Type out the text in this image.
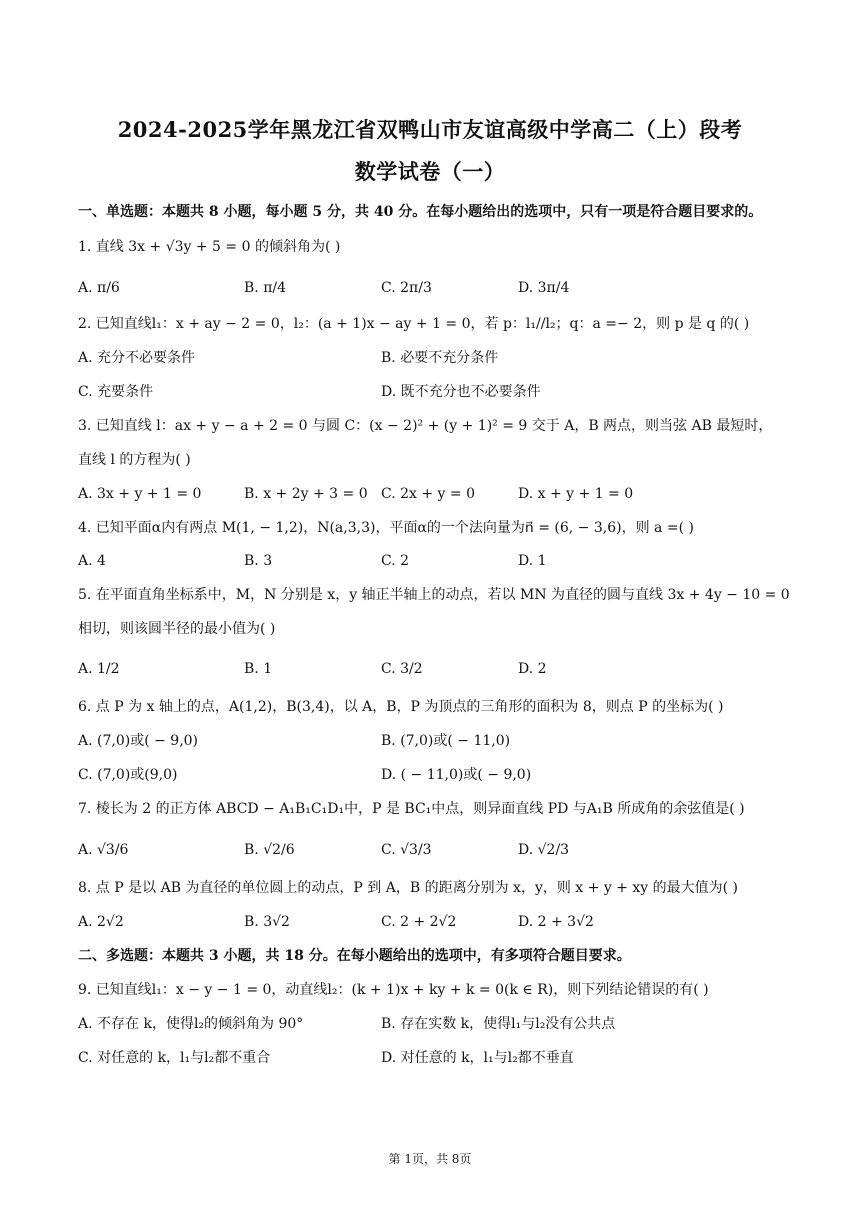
2024-2025学年黑龙江省双鸭山市友谊高级中学高二（上）段考
数学试卷（一）
一、单选题：本题共 8 小题，每小题 5 分，共 40 分。在每小题给出的选项中，只有一项是符合题目要求的。
1. 直线 3x + √3y + 5 = 0 的倾斜角为( )
A. π/6	B. π/4	C. 2π/3	D. 3π/4
2. 已知直线l₁：x + ay − 2 = 0，l₂：(a + 1)x − ay + 1 = 0，若 p：l₁//l₂；q：a =− 2，则 p 是 q 的( )
A. 充分不必要条件	B. 必要不充分条件
C. 充要条件	D. 既不充分也不必要条件
3. 已知直线 l：ax + y − a + 2 = 0 与圆 C：(x − 2)² + (y + 1)² = 9 交于 A，B 两点，则当弦 AB 最短时，
直线 l 的方程为( )
A. 3x + y + 1 = 0	B. x + 2y + 3 = 0 C. 2x + y = 0	D. x + y + 1 = 0
4. 已知平面α内有两点 M(1, − 1,2)，N(a,3,3)，平面α的一个法向量为n⃗ = (6, − 3,6)，则 a =( )
A. 4	B. 3	C. 2	D. 1
5. 在平面直角坐标系中，M，N 分别是 x，y 轴正半轴上的动点，若以 MN 为直径的圆与直线 3x + 4y − 10 = 0
相切，则该圆半径的最小值为( )
A. 1/2	B. 1	C. 3/2	D. 2
6. 点 P 为 x 轴上的点，A(1,2)，B(3,4)，以 A，B，P 为顶点的三角形的面积为 8，则点 P 的坐标为( )
A. (7,0)或( − 9,0)	B. (7,0)或( − 11,0)
C. (7,0)或(9,0)	D. ( − 11,0)或( − 9,0)
7. 棱长为 2 的正方体 ABCD − A₁B₁C₁D₁中，P 是 BC₁中点，则异面直线 PD 与A₁B 所成角的余弦值是( )
A. √3/6	B. √2/6	C. √3/3	D. √2/3
8. 点 P 是以 AB 为直径的单位圆上的动点，P 到 A，B 的距离分别为 x，y，则 x + y + xy 的最大值为( )
A. 2√2	B. 3√2	C. 2 + 2√2	D. 2 + 3√2
二、多选题：本题共 3 小题，共 18 分。在每小题给出的选项中，有多项符合题目要求。
9. 已知直线l₁：x − y − 1 = 0，动直线l₂：(k + 1)x + ky + k = 0(k ∈ R)，则下列结论错误的有( )
A. 不存在 k，使得l₂的倾斜角为 90°	B. 存在实数 k，使得l₁与l₂没有公共点
C. 对任意的 k，l₁与l₂都不重合	D. 对任意的 k，l₁与l₂都不垂直
第 1页，共 8页
